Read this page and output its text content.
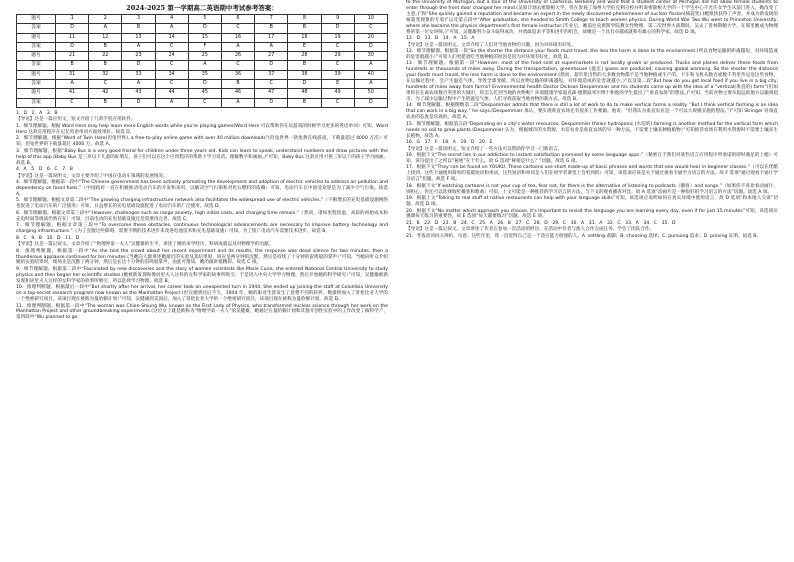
2024-2025 第一学期高二英语期中考试参考答案：
题号	1	2	3	4	5	6	7	8	9	10
答案	D	A	B	A	D	C	B	B	D	C
题号	11	12	13	14	15	16	17	18	19	20
答案	D	B	A	C	F	A	A	E	C	D
题号	21	22	23	24	25	26	27	28	29	30
答案	B	B	D	C	A	C	D	B	C	A
题号	31	32	33	34	35	36	37	38	39	40
答案	A	C	A	C	D	B	C	D	E	A
题号	41	42	43	44	45	46	47	48	49	50
答案	C	B	D	A	C	A	D	B	C	D
1．D　2．A　3．B
【导语】这是一篇应用文，短文介绍了几款手机应用软件。
1．细节理解题。根据 Word Hero may help learn more English words while you're playing games(Word Hero 可以帮助你在玩游戏的时候学习更多的英语单词）可知，Word Hero 这款应用程序在记忆英语单词方面效果好。故选 D。
2．细节理解题。根据“Word of Twin Hare(但兔世界), a free-to-play online game with over 40 million downloads”(但兔世界一款免费在线游戏，下载量超过 4000 万次）可知，但兔世界的下载量超过 4000 万。故选 A。
3．细节理解题。根据“Baby Bus is a very good friend for children under three years old. Kids can learn to speak, understand numbers and draw pictures with the help of this app.(Baby Bus 是三岁以下儿童的好朋友，孩子们可以在这个应用程序的帮助下学习说话、理解数字和画画。)”可知，Baby Bus 这款应用可供三岁以下的孩子学习画画。故选 B。
4．A　5．D　6．C　7．B
【导语】这是一篇说明文，文章主要介绍了中国在电动车领域的发展情况。
4．细节理解题。根据第一段中“The Chinese government has been actively promoting the development and adoption of electric vehicles to address air pollution and dependency on fossil fuels.”（中国政府一直在积极推动电动汽车的开发和采用，以解决空气污染和对化石燃料的依赖）可知，电动汽车在中国受欢迎是为了减少空气污染。故选 A。
5．细节理解题。根据文章第二段中“The growing charging infrastructure network also facilitates the widespread use of electric vehicles.”（不断增长的充电基础设施网络也促进了电动汽车的广泛使用）可知，日益增长的充电基础设施促进了电动汽车的广泛使用。故选 D。
6．细节理解题。根据文章第三段中“However, challenges such as range anxiety, high initial costs, and charging time remain.”（然而，诸如里程焦虑，高昂的初始成本和充电时间等挑战仍然存在）可知，目前电动的充电基础设施还是需要再完善。故选 C。
7．细节理解题。根据文章第三段中“To overcome these obstacles, continuous technological advancements are necessary to improve battery technology and charging infrastructure.”（为了克服这些障碍，需要不断的技术进步来改进电池技术和充电基础设施）可知，为了推广电动汽车需要技术进步。故选 B。
8．C　9．B　10．D　11．D
【导语】这是一篇记叙文。文章介绍了“物理界第一夫人”吴健雄的生平，讲述了她的求学经历、科研成就以及对物理学的贡献。
8．推理判断题。根据第一段中“As she told the crowd about her recent experiment and its results, the response was dead silence for two minutes, then a thunderous applause continued for ten minutes.(当她向人群讲述她最近的实验及其结果时，回应是两分钟的沉默，然后是持续了十分钟的雷鸣般的掌声）”可知，当她向听众介绍她的实验结果时，现场先是沉默了两分钟，然后是长达十分钟的雷鸣般掌声，由此可推知，她的演讲很精彩。故选 C 项。
9．细节理解题。根据第二段中“Fascinated by new discoveries and the story of women scientists like Marie Curie, she entered National Central University to study physics and then began her scientific studies.(她被新发现和像居里夫人这样的女科学家的故事所吸引，于是进入中央大学学习物理，然后开始她的科学研究）”可知，吴健雄被新发现和居里夫人这样的女科学家的故事所吸引，所以选择学习物理。故选 B。
10．推理判断题。根据最后一段中“But shortly after her arrival, her career took an unexpected turn in 1944. She ended up joining the staff at Columbia University on a top-secret research program now known as the Manhattan Project (但在她到达后不久，1944 年，她的职业生涯发生了意想不到的转折。她最终加入了哥伦比亚大学的一个绝密研究项目，该项目现在被称为曼哈顿计划）”可知，吴健雄到美国后，加入了哥伦比亚大学的一个绝密研究项目，该项目现在被称为曼哈顿计划。故选 D。
11．推理判断题。根据第一段中“The woman was Chien-Shiung Wu, known as the First Lady of Physics, who transformed nuclear science through her work on the Manhattan Project and other groundbreaking experiments.(这位女士就是被称为“物理学第一夫人”的吴健雄，她通过在曼哈顿计划和其他开创性实验中的工作改变了核科学）”、第四段中“Wu planned to go
to the University of Michigan, but a tour of the University of California, Berkeley and word that a student center at Michigan did not allow female students to enter through the front door changed her mind.(吴原计划去密歇根大学，但在参观了加州大学伯克利分校并听说密歇根大学的一个学生中心不允许女学生从前门进入，她改变了主意。)”和“She quickly gained a reputation and became an expert in the newly discovered phenomenon of nuclear fission(核裂变) (她很快获得了声誉，并成为新发现的核裂变现象的专家)”以及第五段中“After graduation, she headed to Smith College to teach women physics. During World War Two Wu went to Princeton University, where she became the physics department's first female instructor.(毕业后，她前往史密斯学院教女性物理。第二次世界大战期间，吴去了普林斯顿大学，在那里她成为物理系的第一位女讲师。)”可知，吴健雄努力奋斗取得成功，并勇敢追求平等和进步的机会，故她是一个具有卓越成就和有雄心的科学家。故选 D 项。
12．D　13．B　14．A　15．A
【导语】这是一篇说明文。文章介绍了人们对当地食物的兴趣，因为对环境有好处。
12．细节理解题。根据第一段“So the shorter the distance your foods must travel, the less the harm is done to the environment.(所以食物运输的距离越短，对环境造成的危害就越小）”可知人们更愿意吃当地种植的原因是因为对环境有好处。故选 D。
13．细节理解题。根据第一段“However, most of the food sold at supermarkets is not locally grown or produced. Trucks and planes deliver these foods from hundreds or thousands of miles away. During the transportation, greenhouse (温室) gases are produced, causing global warming. So the shorter the distance your foods must travel, the less harm is done to the environment.(然而，超市里出售的大多数食物都不是当地种植或生产的。卡车和飞机从数百或数千英里外运送这些食物。在运输过程中，会产生温室气体，导致全球变暖。所以食物运输的距离越短，对环境造成的危害就越小。)”以及第二段“But how do you get local food if you live in a big city, hundreds of miles away from farms? Environmental health Doctor Dickson Despommier and his students came up with the idea of a “vertical(垂直的) farm”(但如果你住在离农场数百英里的大城市，你怎么吃到当地的食物呢？环境健康学家迪克森·德斯波米尔博士和他的学生提出了“垂直农场”的想法。)”可知，当前食物主要从很远的地方运输到超市，为了减少运输过程中产生的温室气体，人们寻找获取当地食物的新方式。故选 B。
14．细节理解题。根据倒数第二段“Despommier admits that there is still a lot of work to do to make vertical farms a reality. “But I think vertical farming is an idea that can work in a big way,” he says.(Despommier 承认，要实现垂直农场还有很多工作要做。他说：“但我认为垂直农业是一个可以大规模实施的想法。”)”可知 Stringer 对垂直农业的态度是乐观的。故选 A。
15．细节理解题。根据第五段“Depending on a city's water resources, Despommier thinks hydroponic (水培的) farming is another method for the vertical farm which needs no soil to grow plants.(Despommier 认为，根据城市的水资源，水培农业是垂直农场的另一种方法，不需要土壤来种植植物）”可知推荐农场在利用水资源时不需要土壤来生长植物。故选 A。
16．G　17．F　18．A　19．D　20．E
【导语】这是一篇说明文，短文介绍了一些方法可以帮助你学习一门新语言。
16．根据下文“The secret lies in our addiction to instant satisfaction promised by some language apps.”（秘密在于我们对某些语言应用程序所承诺的即时满足的上瘾）可知，该句提出了之所以“秘密”在于什么。故 G 选项“秘密是什么？”切题。故选 G 项。
17．根据下文“They can be found on YOUKU. These cartoons use short made-up of basic phrases and words that one would hear in beginner classes.”（可以在优酷上找到。这些卡通使用简单的基础短语和单词，这些短语和单词是人们在初学者课堂上会听到的）可知，该选项应该是关于通过观看卡通学习语言的方法。故 F 选项“通过观看卡通片学习语言”切题。故选 F 项。
18．根据下文“If watching cartoons is not your cup of tea, fear not, for there is the alternative of listening to podcasts（播客）and songs.”（如果你不喜欢看动画片，别担心，你还可以选择收听播客和歌曲）可知，上文可能是一种推荐的学习语言的方法，与下文的观看播客对比。故 A 选项“动画片是一种很好的学习语言的方法”切题。故选 A 项。
19．根据上文“Talking to real stuff at native restaurants can help with your language skills”可知，该选项应说明如何在真实环境中使用语言，故 D 选项“和本地人交谈”切题。故选 D 项。
20．根据下文“No matter which approach you choose, it's important to revisit the language you are learning every day, even if for just 15 minutes”可知，该选项应强调每天练习的重要性。故 E 选项“每天都要练习”切题。故选 E 项。
21．B　22．D　23．B　24．C　25．A　26．B　27．C　28．D　29．C　30．A　31．A　32．C　33．A　34．C　35．D
【导语】这是一篇记叙文。文章讲述了作者在参加一次活动的经历，在活动中作者与他人合作完成任务，学会了团队合作。
21．考查动词词义辨析。句意：这些年里，我一直觉得自己是一个适应能力很强的人。A. settling 落脚；B. choosing 选择；C. pursuing 追求；D. proving 证明。故选 B。
